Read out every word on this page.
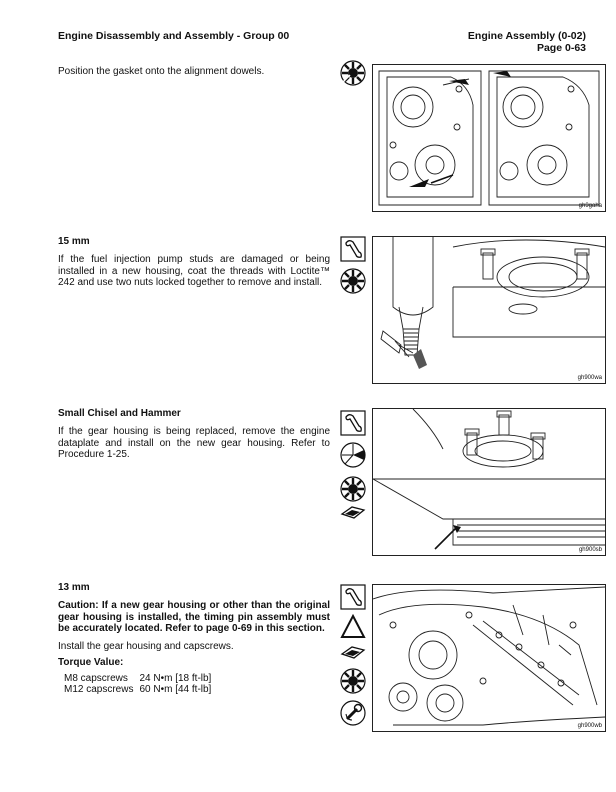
Engine Disassembly and Assembly - Group 00	Engine Assembly (0-02)
Page 0-63
Position the gasket onto the alignment dowels.
gh9gaha
15 mm
If the fuel injection pump studs are damaged or being installed in a new housing, coat the threads with Loctite™ 242 and use two nuts locked together to remove and install.
gh900wa
Small Chisel and Hammer
If the gear housing is being replaced, remove the engine dataplate and install on the new gear housing. Refer to Procedure 1-25.
gh900sb
13 mm
Caution: If a new gear housing or other than the original gear housing is installed, the timing pin assembly must be accurately located. Refer to page 0-69 in this section.
Install the gear housing and capscrews.
Torque Value:
M8 capscrews	24 N•m [18 ft-lb]
M12 capscrews	60 N•m [44 ft-lb]
gh900wb
